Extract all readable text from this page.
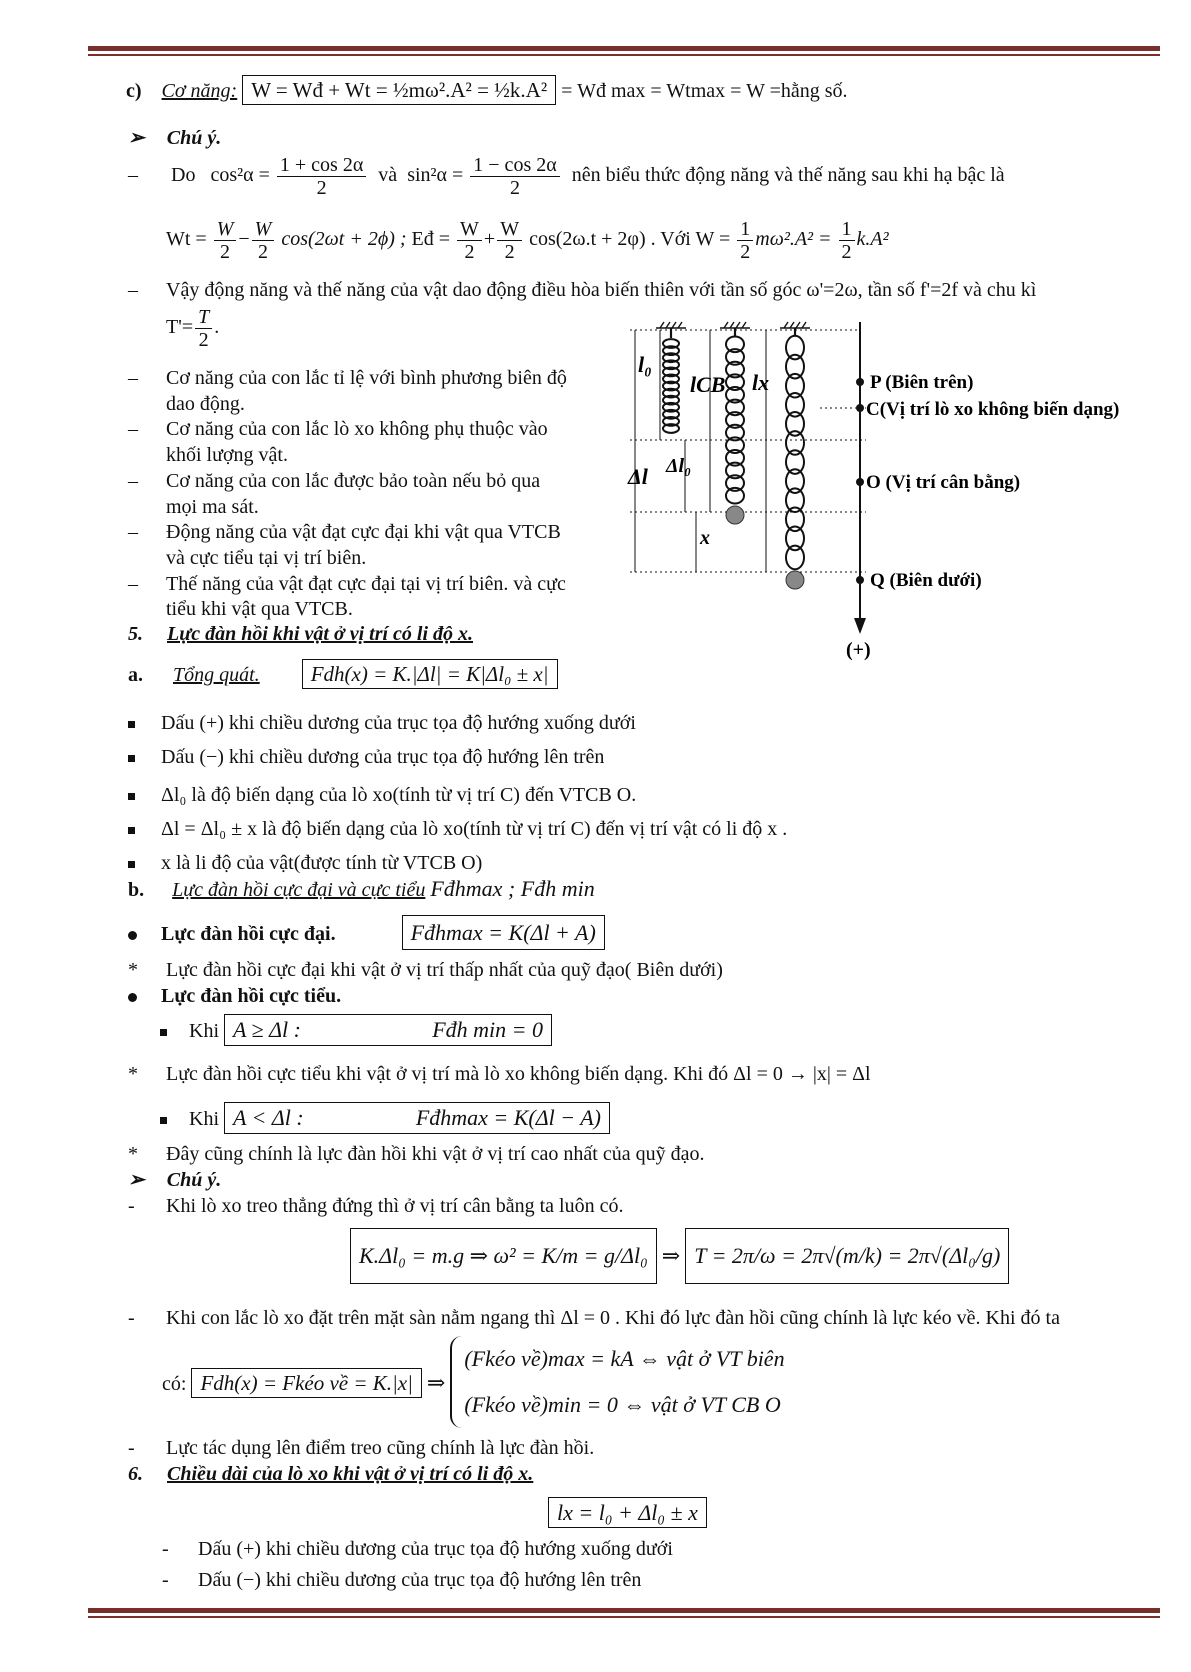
c) Cơ năng: W = Wđ + Wt = ½mω².A² = ½k.A² = Wđ max = Wtmax = W =hằng số.
➢ Chú ý.
– Do $\cos^2\alpha = \frac{1 + \cos 2\alpha}{2}$ và $\sin^2\alpha = \frac{1 - \cos 2\alpha}{2}$ nên biểu thức động năng và thế năng sau khi hạ bậc là
$Wt = \frac{W}{2} - \frac{W}{2} \cos(2\omega t + 2\phi)$ ; Eđ = $\frac{W}{2} + \frac{W}{2} \cos(2\omega.t + 2\varphi)$ . Với $W = \frac{1}{2} m\omega^2.A^2 = \frac{1}{2} k.A^2$
– Vậy động năng và thế năng của vật dao động điều hòa biến thiên với tần số góc ω'=2ω, tần số f'=2f và chu kì
$T'= \frac{T}{2}$ .
– Cơ năng của con lắc tỉ lệ với bình phương biên độ
dao động.
– Cơ năng của con lắc lò xo không phụ thuộc vào
khối lượng vật.
– Cơ năng của con lắc được bảo toàn nếu bỏ qua
mọi ma sát.
– Động năng của vật đạt cực đại khi vật qua VTCB
và cực tiểu tại vị trí biên.
– Thế năng của vật đạt cực đại tại vị trí biên. và cực
tiểu khi vật qua VTCB.
l₀
lCB lx
Δl₀
Δl
x
P (Biên trên)
C(Vị trí lò xo không biến dạng)
O (Vị trí cân bằng)
Q (Biên dưới)
(+)
5. Lực đàn hồi khi vật ở vị trí có li độ x.
a. Tổng quát. Fdh(x) = K.|Δl| = K|Δl₀ ± x|
Dấu (+) khi chiều dương của trục tọa độ hướng xuống dưới
Dấu (−) khi chiều dương của trục tọa độ hướng lên trên
Δl₀ là độ biến dạng của lò xo(tính từ vị trí C) đến VTCB O.
Δl = Δl₀ ± x là độ biến dạng của lò xo(tính từ vị trí C) đến vị trí vật có li độ x .
x là li độ của vật(được tính từ VTCB O)
b. Lực đàn hồi cực đại và cực tiểu Fđhmax ; Fđh min
Lực đàn hồi cực đại.	Fđhmax = K(Δl + A)
* Lực đàn hồi cực đại khi vật ở vị trí thấp nhất của quỹ đạo( Biên dưới)
Lực đàn hồi cực tiểu.
Khi A ≥ Δl :	Fđh min = 0
* Lực đàn hồi cực tiểu khi vật ở vị trí mà lò xo không biến dạng. Khi đó Δl = 0 → |x| = Δl
Khi A < Δl :	Fđhmax = K(Δl − A)
* Đây cũng chính là lực đàn hồi khi vật ở vị trí cao nhất của quỹ đạo.
➢ Chú ý.
- Khi lò xo treo thẳng đứng thì ở vị trí cân bằng ta luôn có.
K.Δl₀ = m.g ⇒ ω² = K/m = g/Δl₀ ⇒ T = 2π/ω = 2π√(m/k) = 2π√(Δl₀/g)
- Khi con lắc lò xo đặt trên mặt sàn nằm ngang thì Δl = 0 . Khi đó lực đàn hồi cũng chính là lực kéo về. Khi đó ta
có: Fdh(x) = Fkéo về = K.|x| ⇒
(Fkéo về)max = kA ⇔ vật ở VT biên
(Fkéo về)min = 0 ⇔ vật ở VT CB O
- Lực tác dụng lên điểm treo cũng chính là lực đàn hồi.
6. Chiều dài của lò xo khi vật ở vị trí có li độ x.
lx = l₀ + Δl₀ ± x
- Dấu (+) khi chiều dương của trục tọa độ hướng xuống dưới
- Dấu (−) khi chiều dương của trục tọa độ hướng lên trên
